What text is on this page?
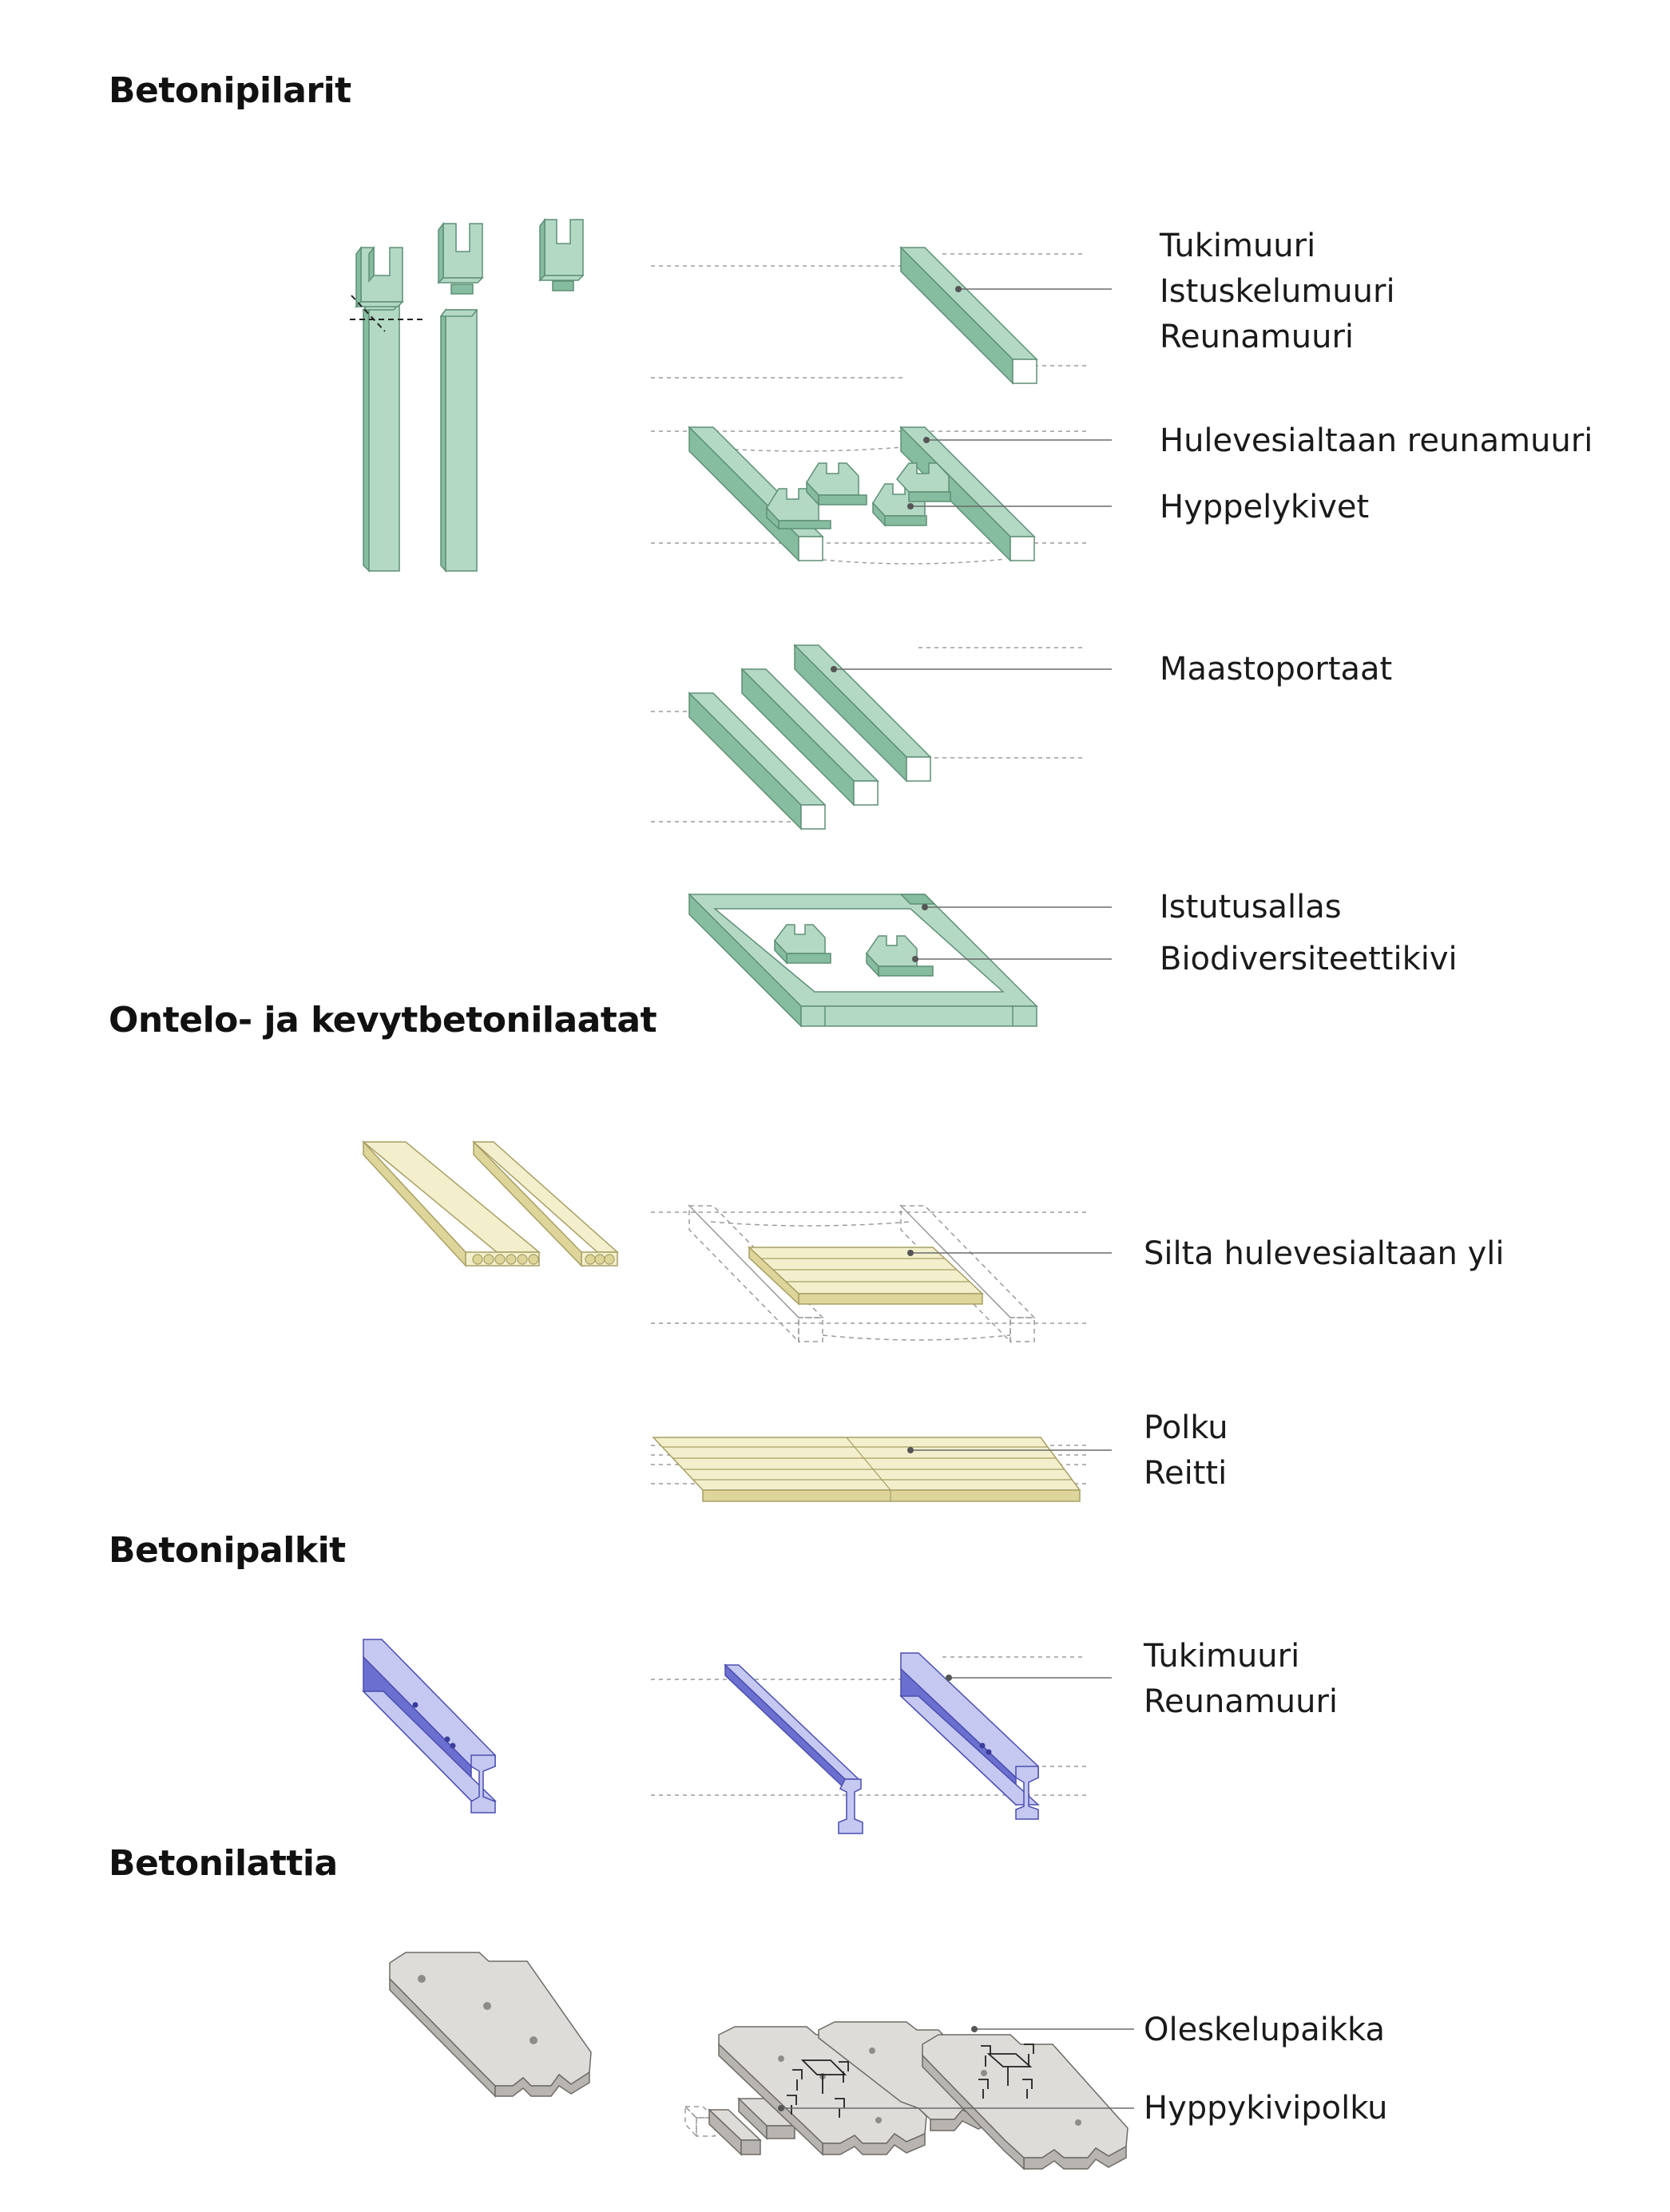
Betonipilarit
Ontelo- ja kevytbetonilaatat
Betonipalkit
Betonilattia
Tukimuuri
Istuskelumuuri
Reunamuuri
Hulevesialtaan reunamuuri
Hyppelykivet
Maastoportaat
Istutusallas
Biodiversiteettikivi
Silta hulevesialtaan yli
Polku
Reitti
Tukimuuri
Reunamuuri
Oleskelupaikka
Hyppykivipolku
